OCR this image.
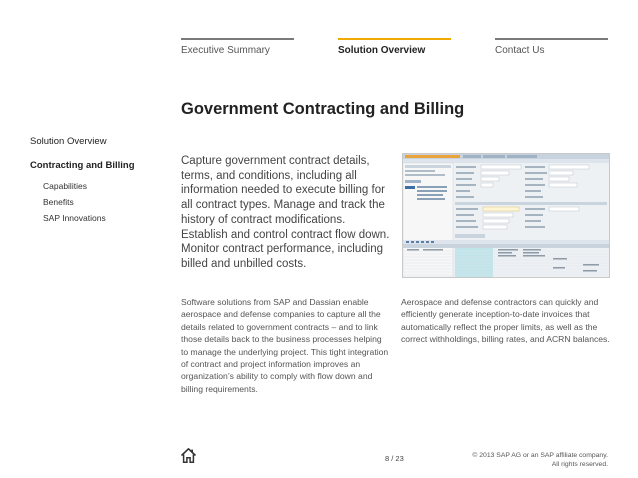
Executive Summary	Solution Overview	Contact Us
Government Contracting and Billing
Solution Overview
Contracting and Billing
Capabilities
Benefits
SAP Innovations
Capture government contract details, terms, and conditions, including all information needed to execute billing for all contract types. Manage and track the history of contract modifications. Establish and control contract flow down. Monitor contract performance, including billed and unbilled costs.
Software solutions from SAP and Dassian enable aerospace and defense companies to capture all the details related to government contracts – and to link those details back to the business processes helping to manage the underlying project. This tight integration of contract and project information improves an organization’s ability to comply with flow down and billing requirements.
Aerospace and defense contractors can quickly and efficiently generate inception-to-date invoices that automatically reflect the proper limits, as well as the correct withholdings, billing rates, and ACRN balances.
8 / 23	© 2013 SAP AG or an SAP affiliate company.
All rights reserved.
